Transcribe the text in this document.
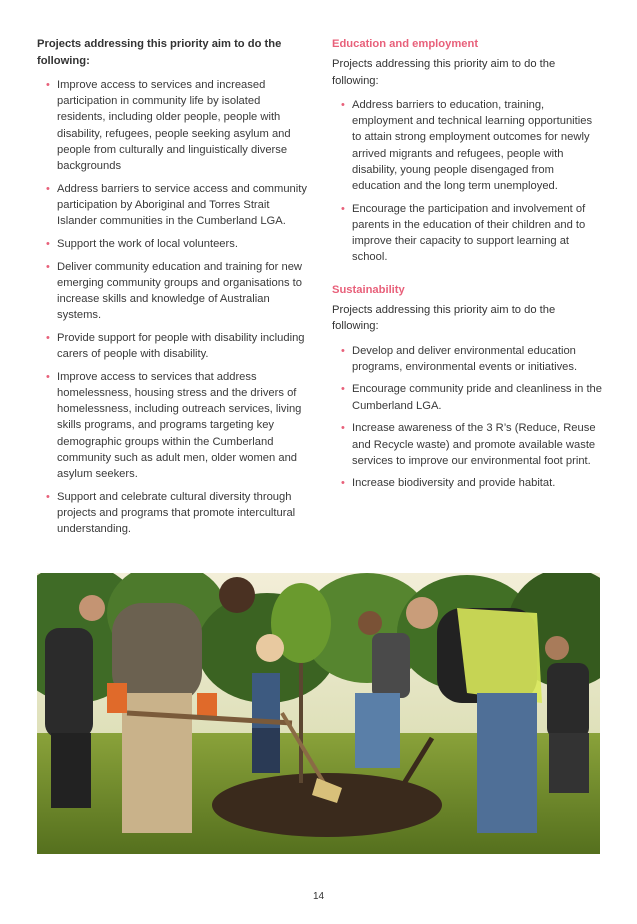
Projects addressing this priority aim to do the following:

• Improve access to services and increased participation in community life by isolated residents, including older people, people with disability, refugees, people seeking asylum and people from culturally and linguistically diverse backgrounds
• Address barriers to service access and community participation by Aboriginal and Torres Strait Islander communities in the Cumberland LGA.
• Support the work of local volunteers.
• Deliver community education and training for new emerging community groups and organisations to increase skills and knowledge of Australian systems.
• Provide support for people with disability including carers of people with disability.
• Improve access to services that address homelessness, housing stress and the drivers of homelessness, including outreach services, living skills programs, and programs targeting key demographic groups within the Cumberland community such as adult men, older women and asylum seekers.
• Support and celebrate cultural diversity through projects and programs that promote intercultural understanding.
Education and employment

Projects addressing this priority aim to do the following:

• Address barriers to education, training, employment and technical learning opportunities to attain strong employment outcomes for newly arrived migrants and refugees, people with disability, young people disengaged from education and the long term unemployed.
• Encourage the participation and involvement of parents in the education of their children and to improve their capacity to support learning at school.
Sustainability

Projects addressing this priority aim to do the following:

• Develop and deliver environmental education programs, environmental events or initiatives.
• Encourage community pride and cleanliness in the Cumberland LGA.
• Increase awareness of the 3 R’s (Reduce, Reuse and Recycle waste) and promote available waste services to improve our environmental foot print.
• Increase biodiversity and provide habitat.
14
